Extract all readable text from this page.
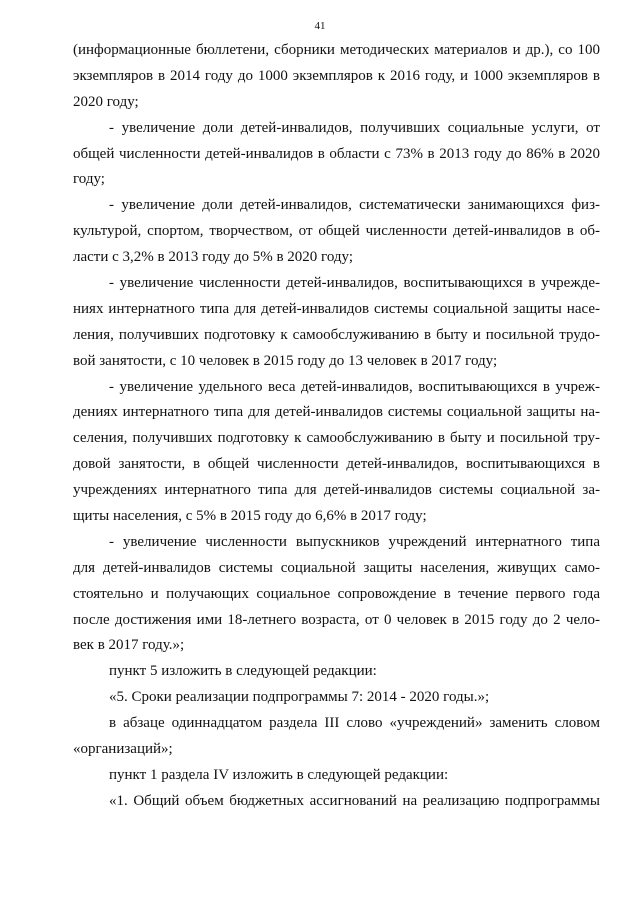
41
(информационные бюллетени, сборники методических материалов и др.), со 100
экземпляров в 2014 году до 1000 экземпляров к 2016 году, и 1000 экземпляров в
2020 году;
- увеличение доли детей-инвалидов, получивших социальные услуги, от
общей численности детей-инвалидов в области с 73% в 2013 году до 86% в 2020
году;
- увеличение доли детей-инвалидов, систематически занимающихся физ-
культурой, спортом, творчеством, от общей численности детей-инвалидов в об-
ласти с 3,2% в 2013 году до 5% в 2020 году;
- увеличение численности детей-инвалидов, воспитывающихся в учрежде-
ниях интернатного типа для детей-инвалидов системы социальной защиты насе-
ления, получивших подготовку к самообслуживанию в быту и посильной трудо-
вой занятости, с 10 человек в 2015 году до 13 человек в 2017 году;
- увеличение удельного веса детей-инвалидов, воспитывающихся в учреж-
дениях интернатного типа для детей-инвалидов системы социальной защиты на-
селения, получивших подготовку к самообслуживанию в быту и посильной тру-
довой занятости, в общей численности детей-инвалидов, воспитывающихся в
учреждениях интернатного типа для детей-инвалидов системы социальной за-
щиты населения, с 5% в 2015 году до 6,6% в 2017 году;
- увеличение численности выпускников учреждений интернатного типа
для детей-инвалидов системы социальной защиты населения, живущих само-
стоятельно и получающих социальное сопровождение в течение первого года
после достижения ими 18-летнего возраста, от 0 человек в 2015 году до 2 чело-
век в 2017 году.»;
пункт 5 изложить в следующей редакции:
«5. Сроки реализации подпрограммы 7: 2014 - 2020 годы.»;
в абзаце одиннадцатом раздела III слово «учреждений» заменить словом
«организаций»;
пункт 1 раздела IV изложить в следующей редакции:
«1. Общий объем бюджетных ассигнований на реализацию подпрограммы
